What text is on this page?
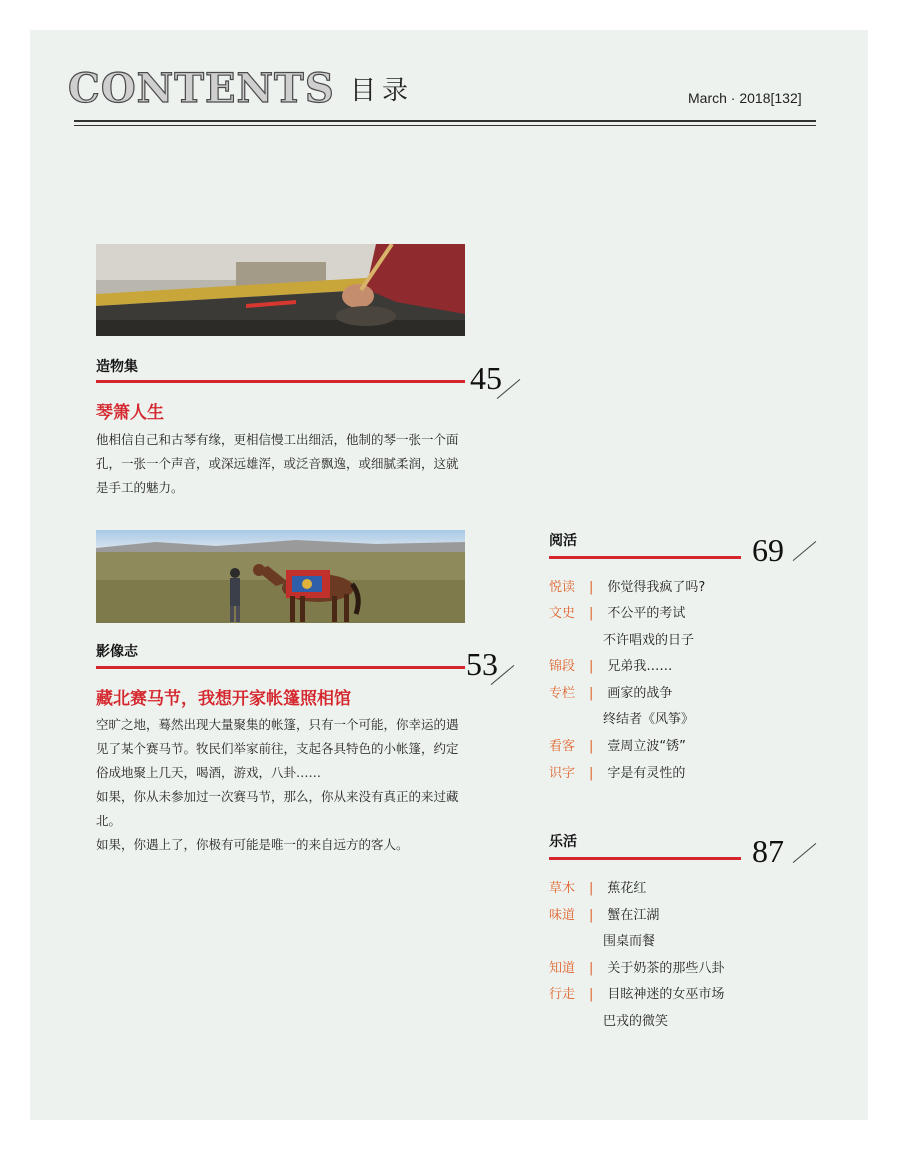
CONTENTS 目录	March · 2018[132]
造物集	45
琴箫人生

他相信自己和古琴有缘，更相信慢工出细活，他制的琴一张一个面孔，一张一个声音，或深远雄浑，或泛音飘逸，或细腻柔润，这就是手工的魅力。

影像志	53
藏北赛马节，我想开家帐篷照相馆

空旷之地，蓦然出现大量聚集的帐篷，只有一个可能，你幸运的遇见了某个赛马节。牧民们举家前往，支起各具特色的小帐篷，约定俗成地聚上几天，喝酒，游戏，八卦……

如果，你从未参加过一次赛马节，那么，你从来没有真正的来过藏北。

如果，你遇上了，你极有可能是唯一的来自远方的客人。

阅活	69
悦读 | 你觉得我疯了吗?
文史 | 不公平的考试
不许唱戏的日子
锦段 | 兄弟我……
专栏 | 画家的战争
终结者《风筝》
看客 | 壹周立波“锈”
识字 | 字是有灵性的
乐活	87
草木 | 蕉花红
味道 | 蟹在江湖
围桌而餐
知道 | 关于奶茶的那些八卦
行走 | 目眩神迷的女巫市场
巴戎的微笑
